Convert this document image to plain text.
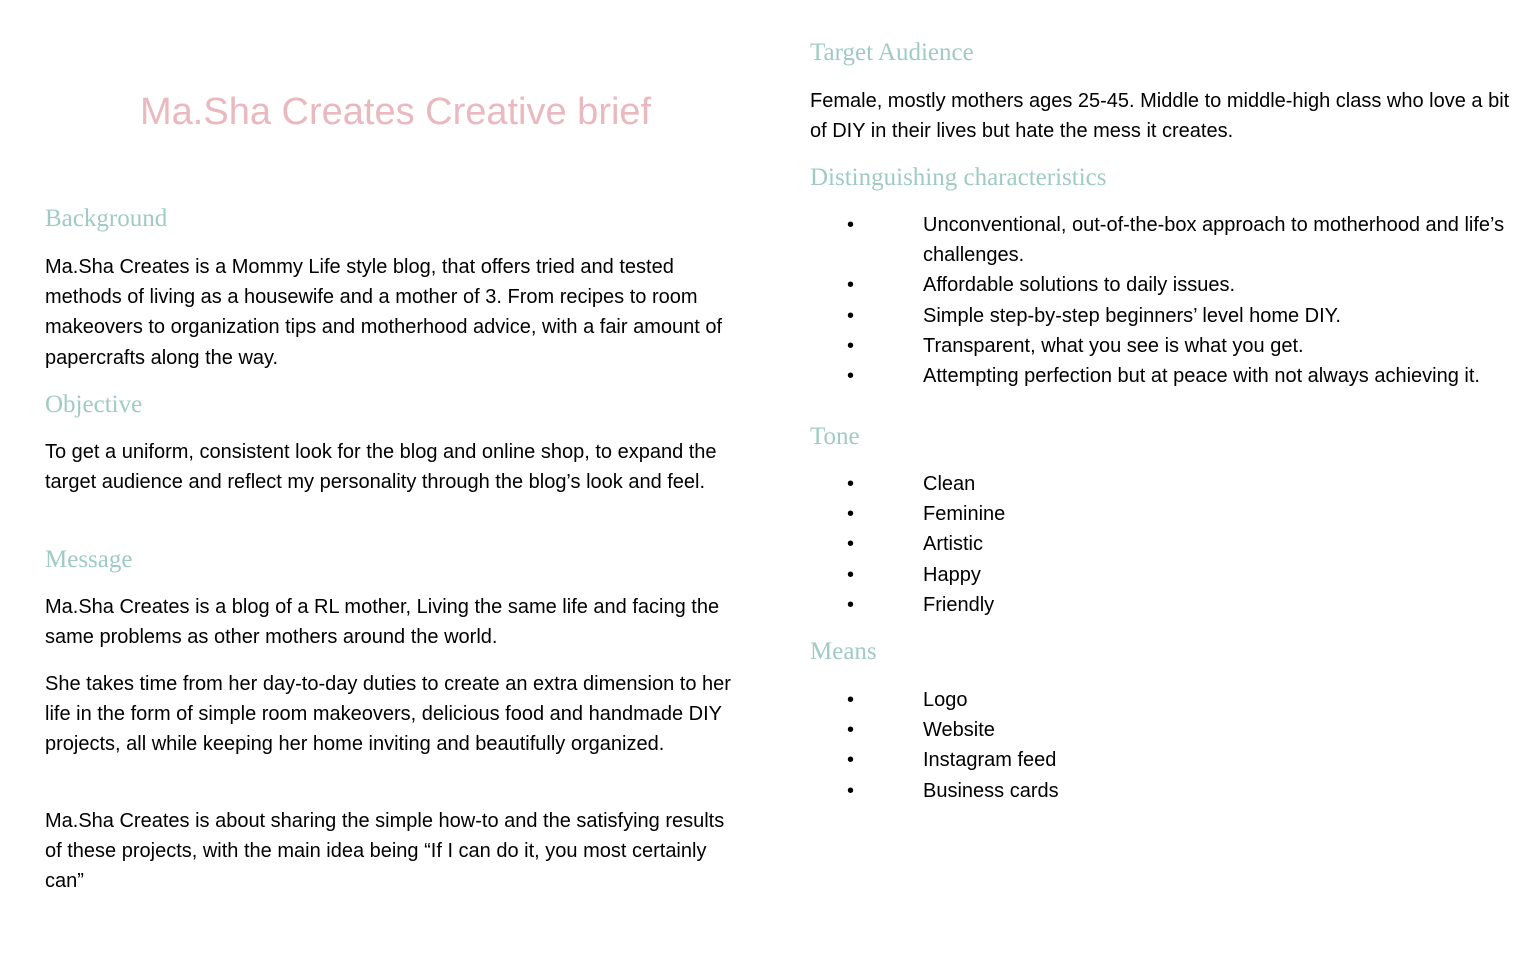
Ma.Sha Creates Creative brief
Background

Ma.Sha Creates is a Mommy Life style blog, that offers tried and tested methods of living as a housewife and a mother of 3. From recipes to room makeovers to organization tips and motherhood advice, with a fair amount of papercrafts along the way.

Objective

To get a uniform, consistent look for the blog and online shop, to expand the target audience and reflect my personality through the blog’s look and feel.

Message

Ma.Sha Creates is a blog of a RL mother, Living the same life and facing the same problems as other mothers around the world.

She takes time from her day-to-day duties to create an extra dimension to her life in the form of simple room makeovers, delicious food and handmade DIY projects, all while keeping her home inviting and beautifully organized.

Ma.Sha Creates is about sharing the simple how-to and the satisfying results of these projects, with the main idea being “If I can do it, you most certainly can”

Target Audience

Female, mostly mothers ages 25-45. Middle to middle-high class who love a bit of DIY in their lives but hate the mess it creates.

Distinguishing characteristics
•	Unconventional, out-of-the-box approach to motherhood and life’s challenges.
•	Affordable solutions to daily issues.
•	Simple step-by-step beginners’ level home DIY.
•	Transparent, what you see is what you get.
•	Attempting perfection but at peace with not always achieving it.
Tone
•	Clean
•	Feminine
•	Artistic
•	Happy
•	Friendly
Means
•	Logo
•	Website
•	Instagram feed
•	Business cards
